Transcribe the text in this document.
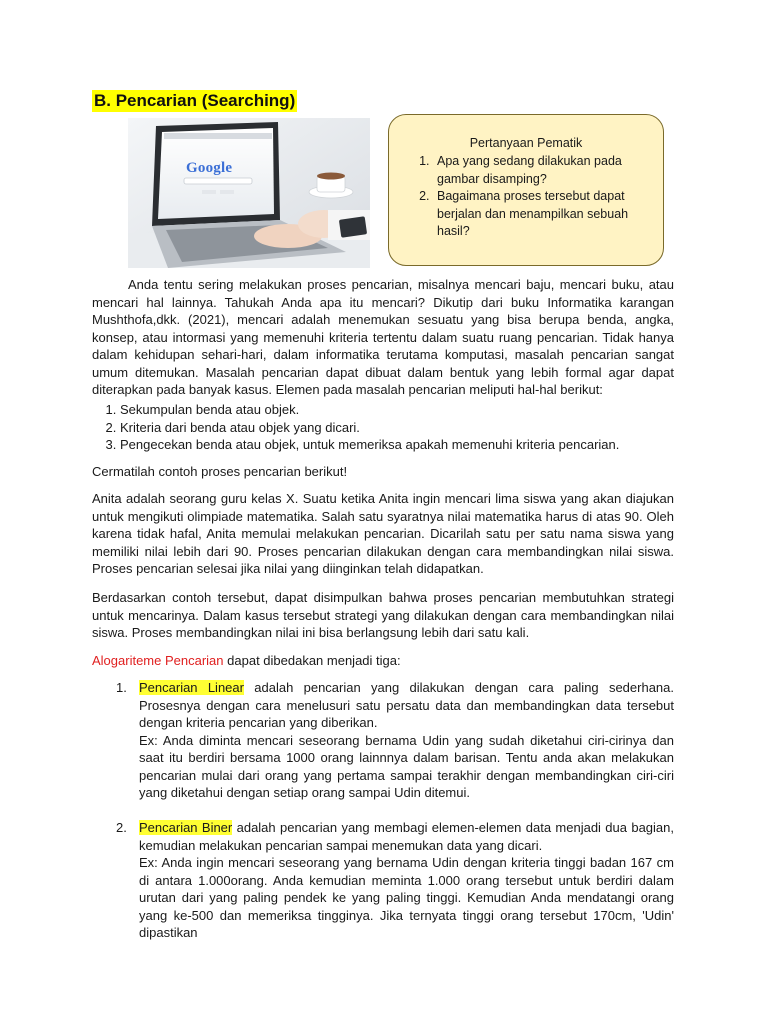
B. Pencarian (Searching)
Google
Pertanyaan Pematik
1. Apa yang sedang dilakukan pada gambar disamping?
2. Bagaimana proses tersebut dapat berjalan dan menampilkan sebuah hasil?

Anda tentu sering melakukan proses pencarian, misalnya mencari baju, mencari buku, atau mencari hal lainnya. Tahukah Anda apa itu mencari? Dikutip dari buku Informatika karangan Mushthofa,dkk. (2021), mencari adalah menemukan sesuatu yang bisa berupa benda, angka, konsep, atau intormasi yang memenuhi kriteria tertentu dalam suatu ruang pencarian. Tidak hanya dalam kehidupan sehari-hari, dalam informatika terutama komputasi, masalah pencarian sangat umum ditemukan. Masalah pencarian dapat dibuat dalam bentuk yang lebih formal agar dapat diterapkan pada banyak kasus. Elemen pada masalah pencarian meliputi hal-hal berikut:

1. Sekumpulan benda atau objek.
2. Kriteria dari benda atau objek yang dicari.
3. Pengecekan benda atau objek, untuk memeriksa apakah memenuhi kriteria pencarian.

Cermatilah contoh proses pencarian berikut!

Anita adalah seorang guru kelas X. Suatu ketika Anita ingin mencari lima siswa yang akan diajukan untuk mengikuti olimpiade matematika. Salah satu syaratnya nilai matematika harus di atas 90. Oleh karena tidak hafal, Anita memulai melakukan pencarian. Dicarilah satu per satu nama siswa yang memiliki nilai lebih dari 90. Proses pencarian dilakukan dengan cara membandingkan nilai siswa. Proses pencarian selesai jika nilai yang diinginkan telah didapatkan.

Berdasarkan contoh tersebut, dapat disimpulkan bahwa proses pencarian membutuhkan strategi untuk mencarinya. Dalam kasus tersebut strategi yang dilakukan dengan cara membandingkan nilai siswa. Proses membandingkan nilai ini bisa berlangsung lebih dari satu kali.

Alogariteme Pencarian dapat dibedakan menjadi tiga:

1. Pencarian Linear adalah pencarian yang dilakukan dengan cara paling sederhana. Prosesnya dengan cara menelusuri satu persatu data dan membandingkan data tersebut dengan kriteria pencarian yang diberikan.
Ex: Anda diminta mencari seseorang bernama Udin yang sudah diketahui ciri-cirinya dan saat itu berdiri bersama 1000 orang lainnnya dalam barisan. Tentu anda akan melakukan pencarian mulai dari orang yang pertama sampai terakhir dengan membandingkan ciri-ciri yang diketahui dengan setiap orang sampai Udin ditemui.
2. Pencarian Biner adalah pencarian yang membagi elemen-elemen data menjadi dua bagian, kemudian melakukan pencarian sampai menemukan data yang dicari.
Ex: Anda ingin mencari seseorang yang bernama Udin dengan kriteria tinggi badan 167 cm di antara 1.000orang. Anda kemudian meminta 1.000 orang tersebut untuk berdiri dalam urutan dari yang paling pendek ke yang paling tinggi. Kemudian Anda mendatangi orang yang ke-500 dan memeriksa tingginya. Jika ternyata tinggi orang tersebut 170cm, 'Udin' dipastikan
